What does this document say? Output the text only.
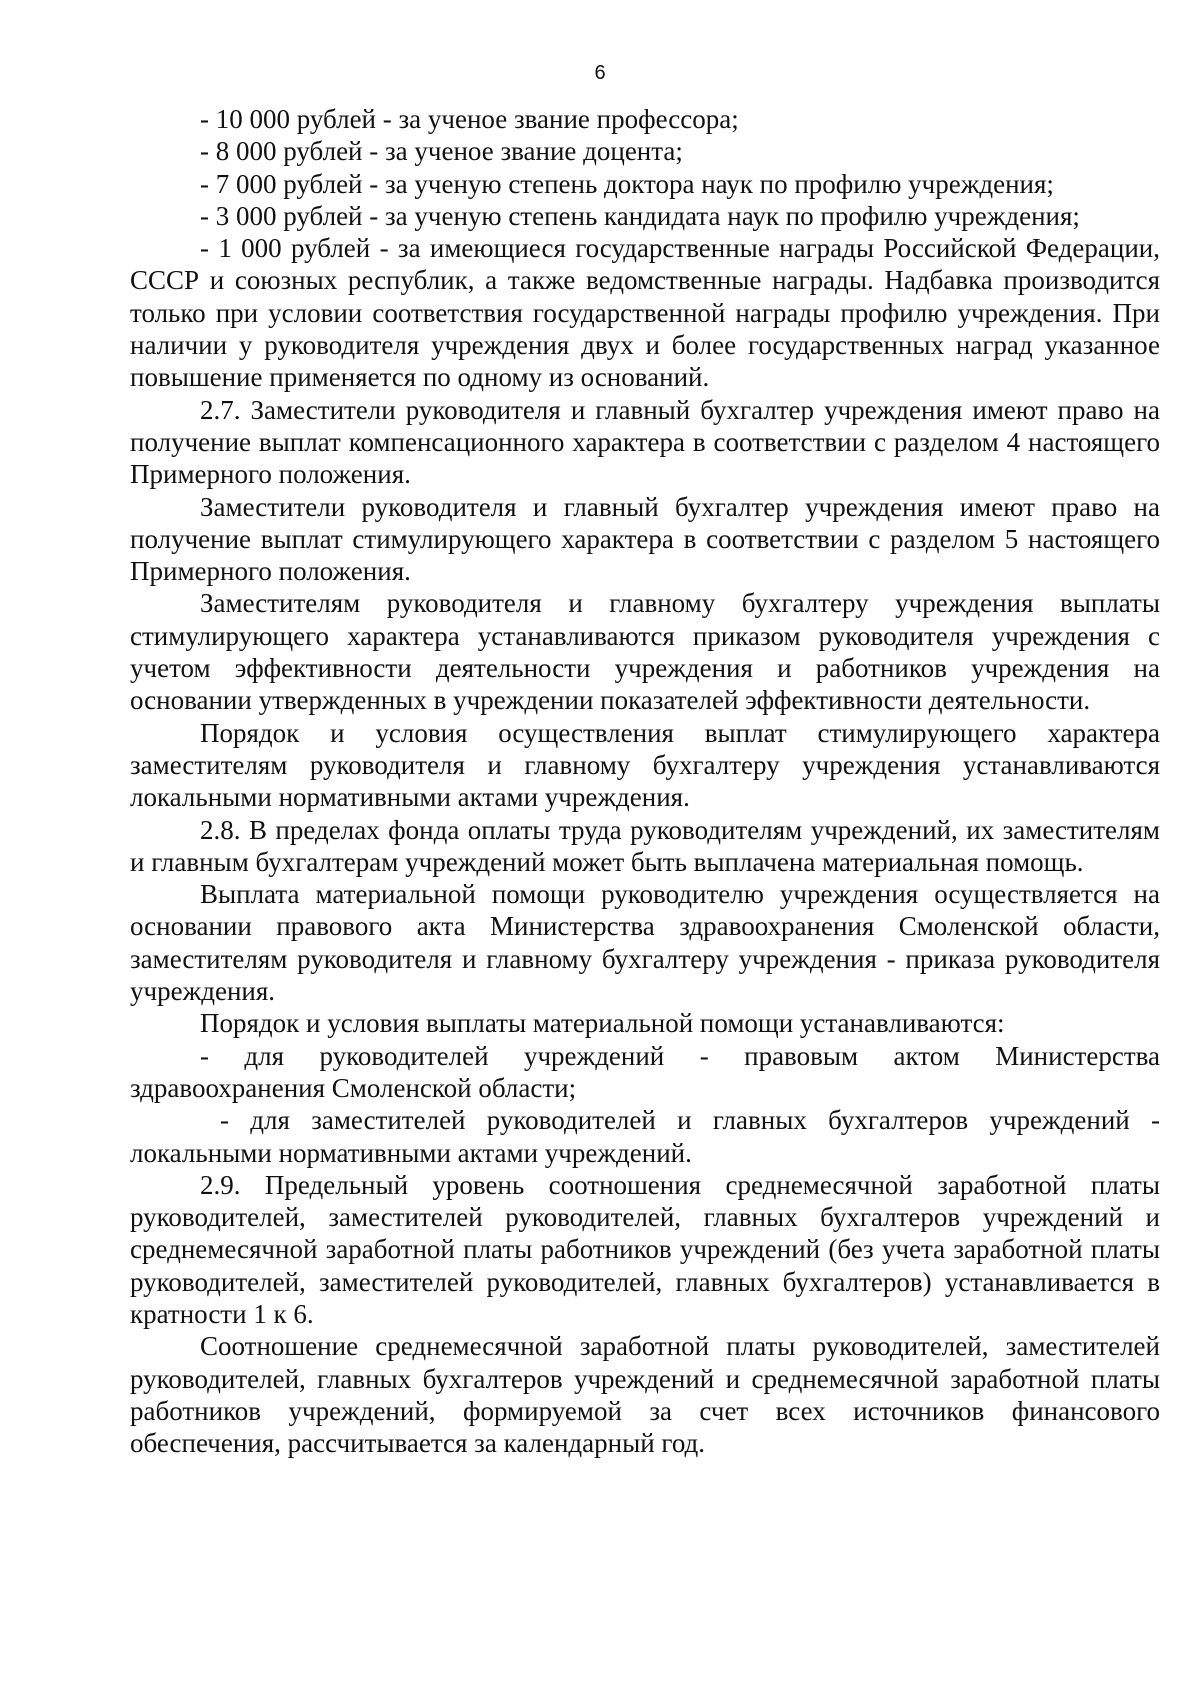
6

- 10 000 рублей - за ученое звание профессора;

- 8 000 рублей - за ученое звание доцента;

- 7 000 рублей - за ученую степень доктора наук по профилю учреждения;

- 3 000 рублей - за ученую степень кандидата наук по профилю учреждения;

- 1 000 рублей - за имеющиеся государственные награды Российской Федерации, СССР и союзных республик, а также ведомственные награды. Надбавка производится только при условии соответствия государственной награды профилю учреждения. При наличии у руководителя учреждения двух и более государственных наград указанное повышение применяется по одному из оснований.

2.7. Заместители руководителя и главный бухгалтер учреждения имеют право на получение выплат компенсационного характера в соответствии с разделом 4 настоящего Примерного положения.

Заместители руководителя и главный бухгалтер учреждения имеют право на получение выплат стимулирующего характера в соответствии с разделом 5 настоящего Примерного положения.

Заместителям руководителя и главному бухгалтеру учреждения выплаты стимулирующего характера устанавливаются приказом руководителя учреждения с учетом эффективности деятельности учреждения и работников учреждения на основании утвержденных в учреждении показателей эффективности деятельности.

Порядок и условия осуществления выплат стимулирующего характера заместителям руководителя и главному бухгалтеру учреждения устанавливаются локальными нормативными актами учреждения.

2.8. В пределах фонда оплаты труда руководителям учреждений, их заместителям и главным бухгалтерам учреждений может быть выплачена материальная помощь.

Выплата материальной помощи руководителю учреждения осуществляется на основании правового акта Министерства здравоохранения Смоленской области, заместителям руководителя и главному бухгалтеру учреждения - приказа руководителя учреждения.

Порядок и условия выплаты материальной помощи устанавливаются:

- для руководителей учреждений - правовым актом Министерства здравоохранения Смоленской области;

- для заместителей руководителей и главных бухгалтеров учреждений - локальными нормативными актами учреждений.

2.9. Предельный уровень соотношения среднемесячной заработной платы руководителей, заместителей руководителей, главных бухгалтеров учреждений и среднемесячной заработной платы работников учреждений (без учета заработной платы руководителей, заместителей руководителей, главных бухгалтеров) устанавливается в кратности 1 к 6.

Соотношение среднемесячной заработной платы руководителей, заместителей руководителей, главных бухгалтеров учреждений и среднемесячной заработной платы работников учреждений, формируемой за счет всех источников финансового обеспечения, рассчитывается за календарный год.
